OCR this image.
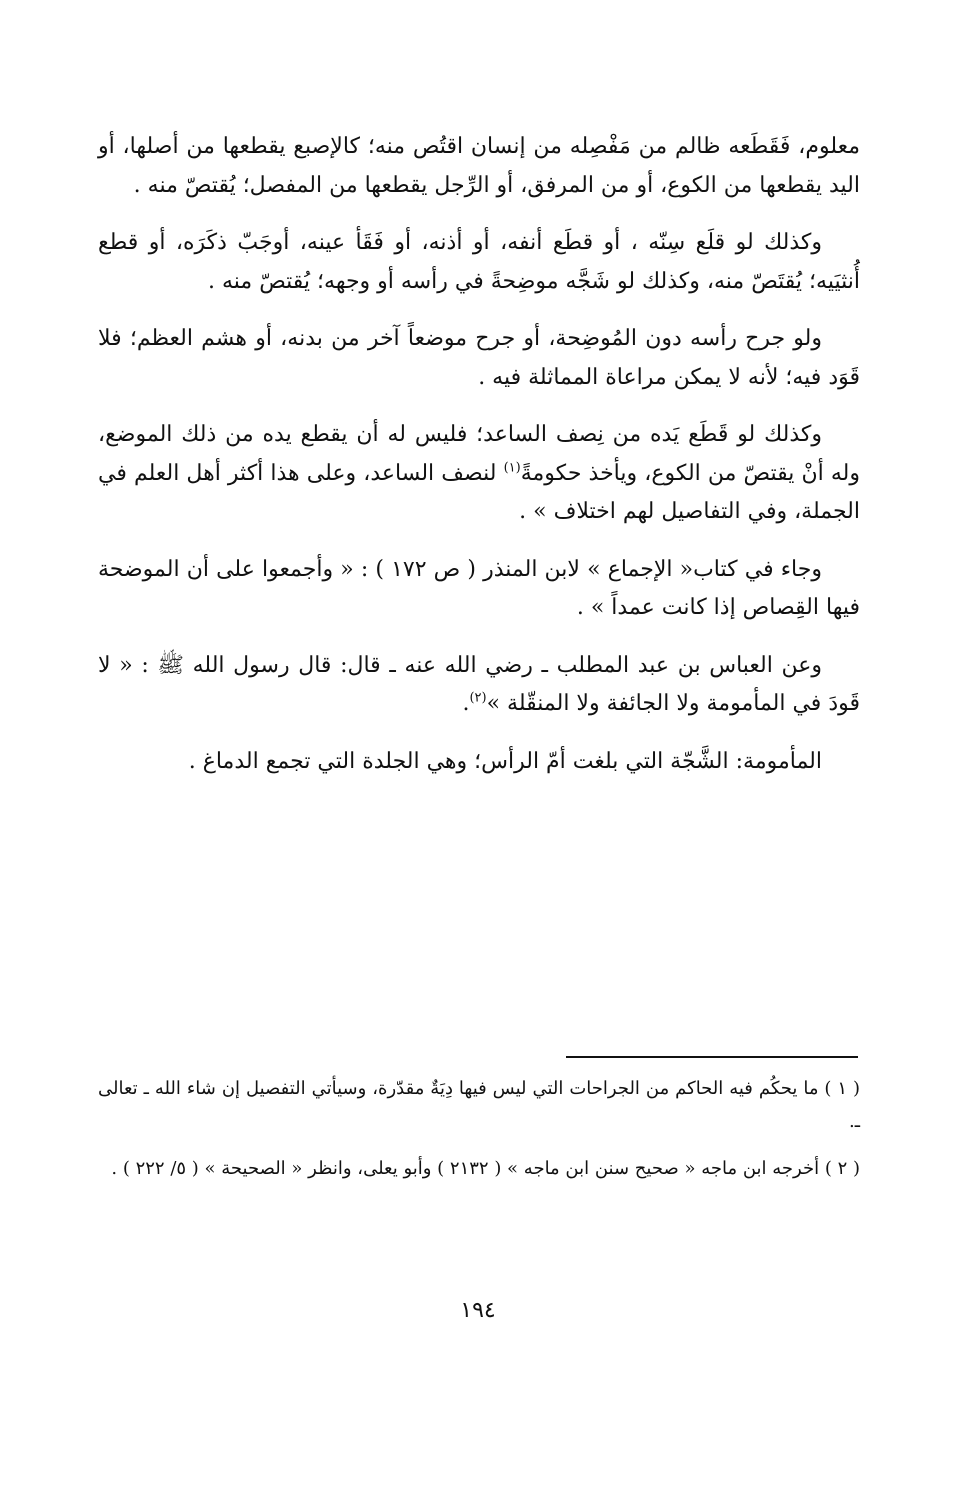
معلوم، فَقَطَعه ظالم من مَفْصِله من إنسان اقتُص منه؛ كالإصبع يقطعها من أصلها، أو اليد يقطعها من الكوع، أو من المرفق، أو الرِّجل يقطعها من المفصل؛ يُقتصّ منه .

وكذلك لو قلَع سِنّه ، أو قطَع أنفه، أو أذنه، أو فَقَأ عينه، أوجَبّ ذكَرَه، أو قطع أُنثيَيه؛ يُقتَصّ منه، وكذلك لو شَجَّه موضِحةً في رأسه أو وجهه؛ يُقتصّ منه .

ولو جرح رأسه دون المُوضِحة، أو جرح موضعاً آخر من بدنه، أو هشم العظم؛ فلا قَوَد فيه؛ لأنه لا يمكن مراعاة المماثلة فيه .

وكذلك لو قَطَع يَده من نِصف الساعد؛ فليس له أن يقطع يده من ذلك الموضع، وله أنْ يقتصّ من الكوع، ويأخذ حكومةً$^{(١)}$ لنصف الساعد، وعلى هذا أكثر أهل العلم في الجملة، وفي التفاصيل لهم اختلاف » .

وجاء في كتاب« الإجماع » لابن المنذر ( ص ١٧٢ ) : « وأجمعوا على أن الموضحة فيها القِصاص إذا كانت عمداً » .

وعن العباس بن عبد المطلب ـ رضي الله عنه ـ قال: قال رسول الله ﷺ : « لا قَودَ في المأمومة ولا الجائفة ولا المنقّلة »$^{(٢)}$.

المأمومة: الشَّجّة التي بلغت أمّ الرأس؛ وهي الجلدة التي تجمع الدماغ .

( ١ ) ما يحكُم فيه الحاكم من الجراحات التي ليس فيها دِيَةٌ مقدّرة، وسيأتي التفصيل إن شاء الله ـ تعالى ـ.

( ٢ ) أخرجه ابن ماجه « صحيح سنن ابن ماجه » ( ٢١٣٢ ) وأبو يعلى، وانظر « الصحيحة » ( ٥/ ٢٢٢ ) .

١٩٤
